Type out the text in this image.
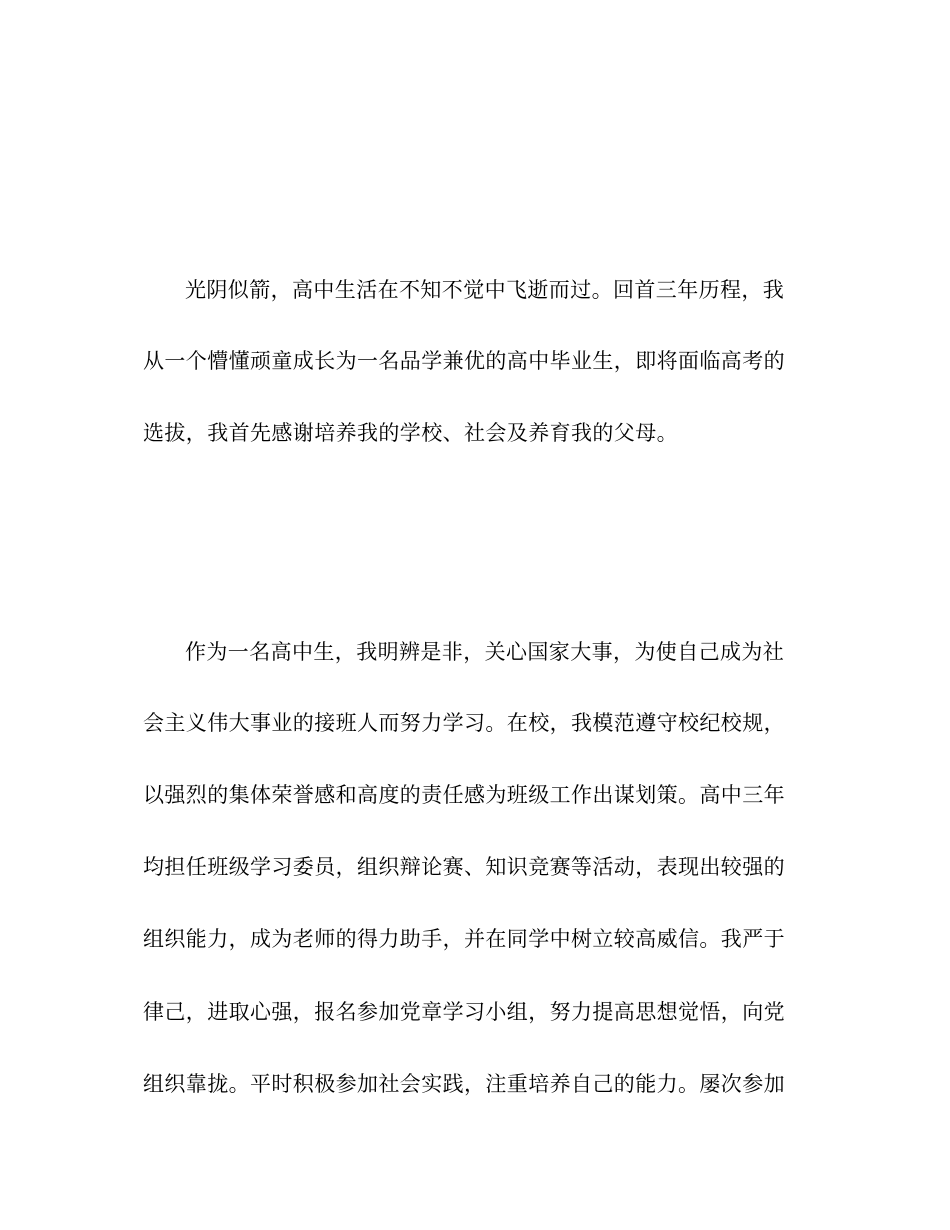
光阴似箭，高中生活在不知不觉中飞逝而过。回首三年历程，我
从一个懵懂顽童成长为一名品学兼优的高中毕业生，即将面临高考的
选拔，我首先感谢培养我的学校、社会及养育我的父母。
作为一名高中生，我明辨是非，关心国家大事，为使自己成为社
会主义伟大事业的接班人而努力学习。在校，我模范遵守校纪校规，
以强烈的集体荣誉感和高度的责任感为班级工作出谋划策。高中三年
均担任班级学习委员，组织辩论赛、知识竞赛等活动，表现出较强的
组织能力，成为老师的得力助手，并在同学中树立较高威信。我严于
律己，进取心强，报名参加党章学习小组，努力提高思想觉悟，向党
组织靠拢。平时积极参加社会实践，注重培养自己的能力。屡次参加
